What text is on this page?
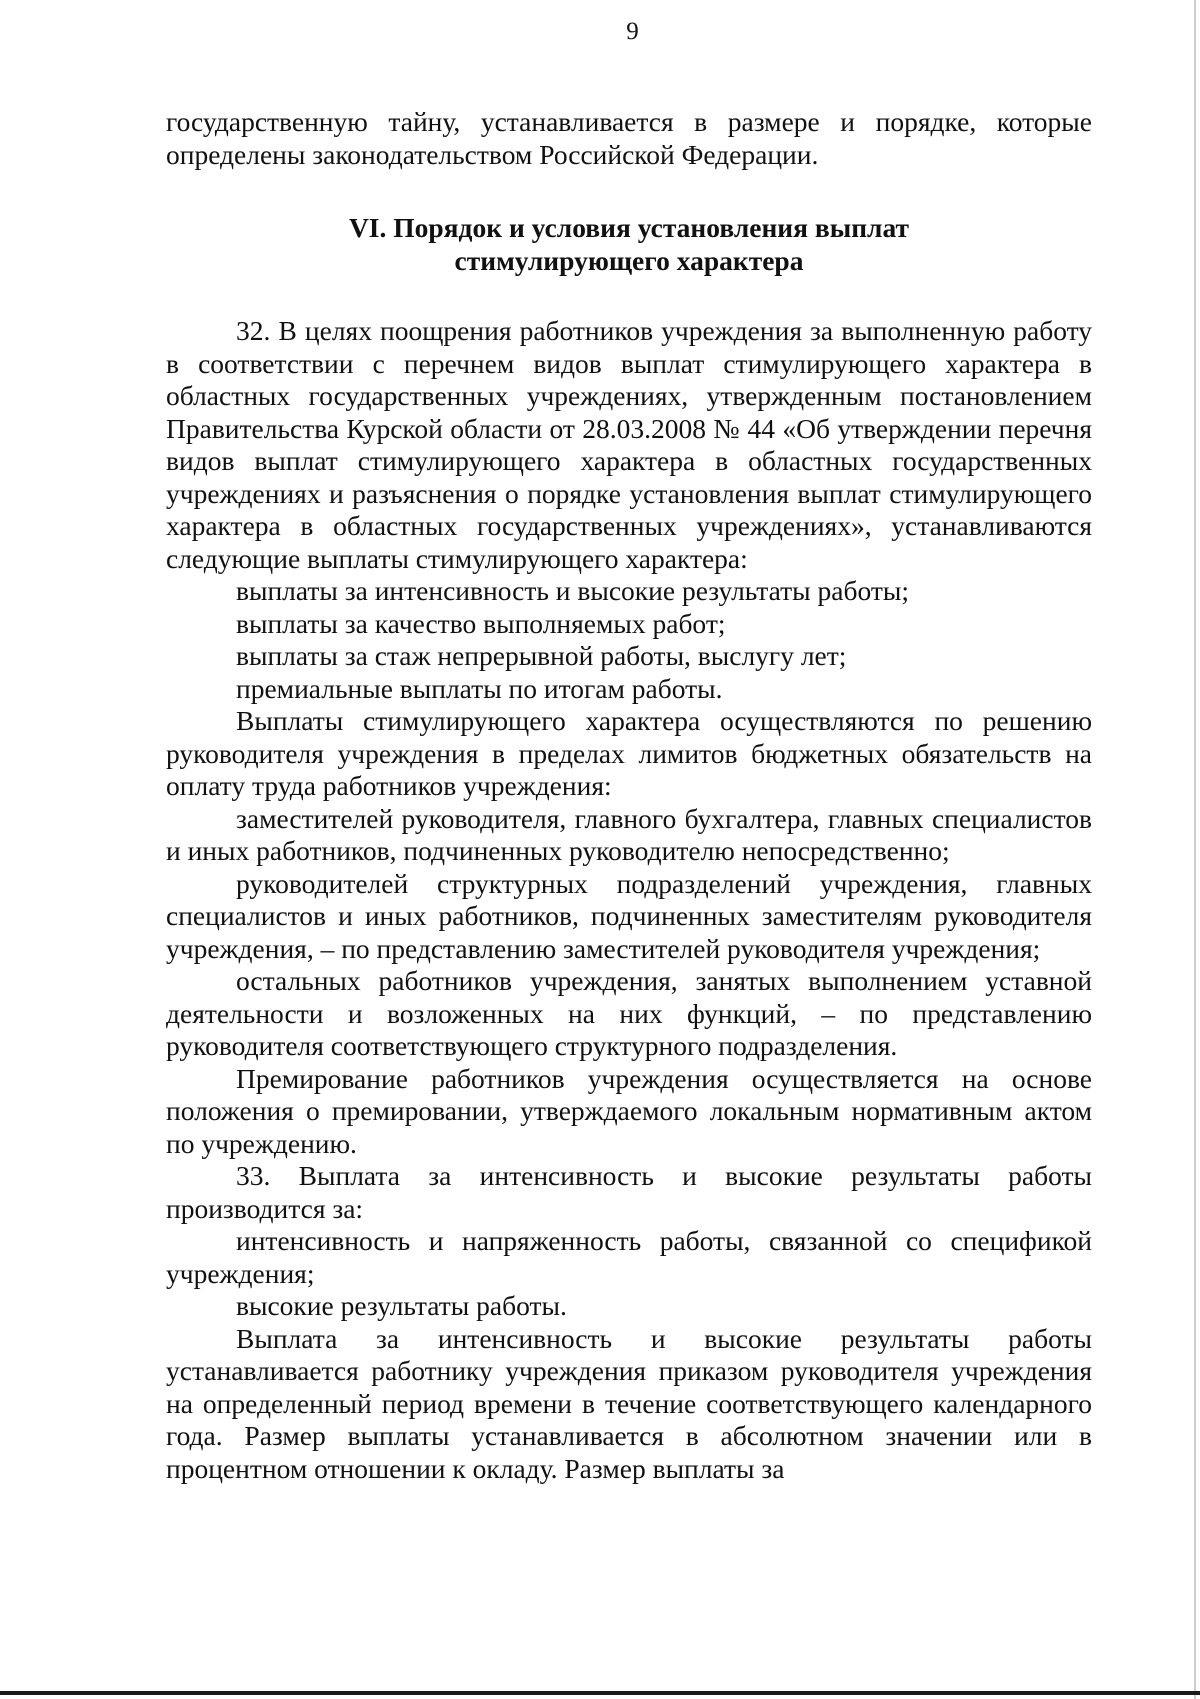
9

государственную тайну, устанавливается в размере и порядке, которые определены законодательством Российской Федерации.

VI. Порядок и условия установления выплат
стимулирующего характера

32. В целях поощрения работников учреждения за выполненную работу в соответствии с перечнем видов выплат стимулирующего характера в областных государственных учреждениях, утвержденным постановлением Правительства Курской области от 28.03.2008 № 44 «Об утверждении перечня видов выплат стимулирующего характера в областных государственных учреждениях и разъяснения о порядке установления выплат стимулирующего характера в областных государственных учреждениях», устанавливаются следующие выплаты стимулирующего характера:

выплаты за интенсивность и высокие результаты работы;

выплаты за качество выполняемых работ;

выплаты за стаж непрерывной работы, выслугу лет;

премиальные выплаты по итогам работы.

Выплаты стимулирующего характера осуществляются по решению руководителя учреждения в пределах лимитов бюджетных обязательств на оплату труда работников учреждения:

заместителей руководителя, главного бухгалтера, главных специалистов и иных работников, подчиненных руководителю непосредственно;

руководителей структурных подразделений учреждения, главных специалистов и иных работников, подчиненных заместителям руководителя учреждения, – по представлению заместителей руководителя учреждения;

остальных работников учреждения, занятых выполнением уставной деятельности и возложенных на них функций, – по представлению руководителя соответствующего структурного подразделения.

Премирование работников учреждения осуществляется на основе положения о премировании, утверждаемого локальным нормативным актом по учреждению.

33. Выплата за интенсивность и высокие результаты работы производится за:

интенсивность и напряженность работы, связанной со спецификой учреждения;

высокие результаты работы.

Выплата за интенсивность и высокие результаты работы устанавливается работнику учреждения приказом руководителя учреждения на определенный период времени в течение соответствующего календарного года. Размер выплаты устанавливается в абсолютном значении или в процентном отношении к окладу. Размер выплаты за
